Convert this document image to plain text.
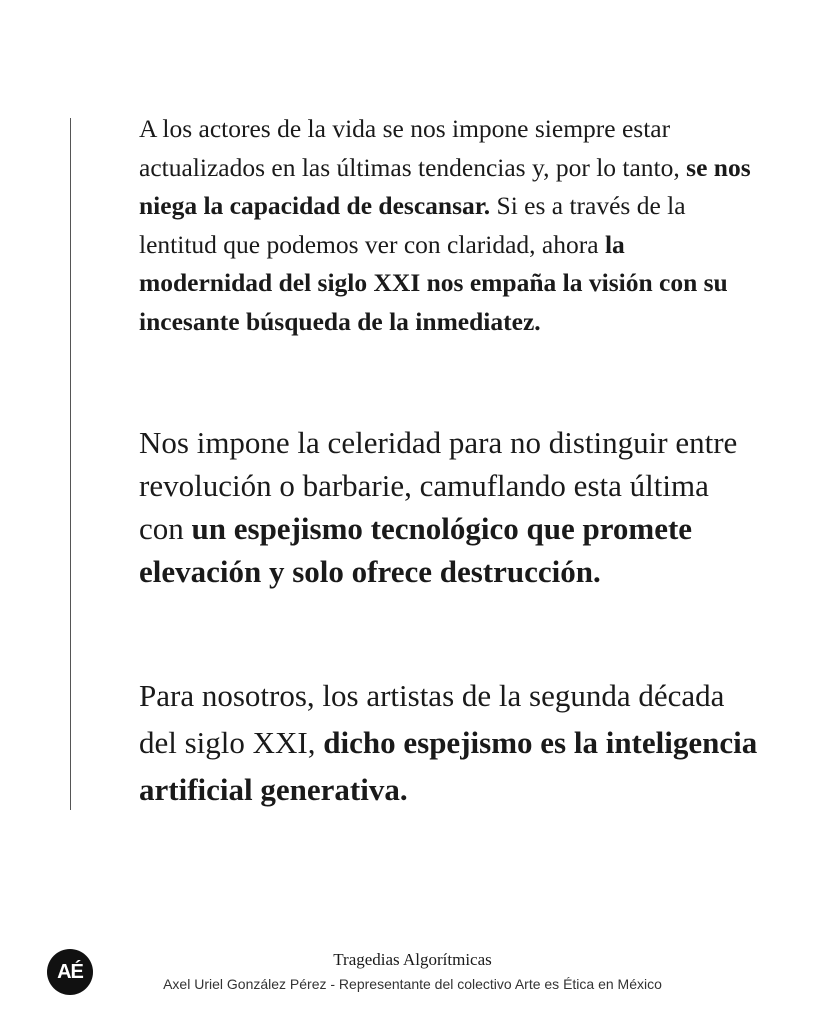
A los actores de la vida se nos impone siempre estar actualizados en las últimas tendencias y, por lo tanto, se nos niega la capacidad de descansar. Si es a través de la lentitud que podemos ver con claridad, ahora la modernidad del siglo XXI nos empaña la visión con su incesante búsqueda de la inmediatez.

Nos impone la celeridad para no distinguir entre revolución o barbarie, camuflando esta última con un espejismo tecnológico que promete elevación y solo ofrece destrucción.

Para nosotros, los artistas de la segunda década del siglo XXI, dicho espejismo es la inteligencia artificial generativa.

AÉ
Tragedias Algorítmicas
Axel Uriel González Pérez - Representante del colectivo Arte es Ética en México
